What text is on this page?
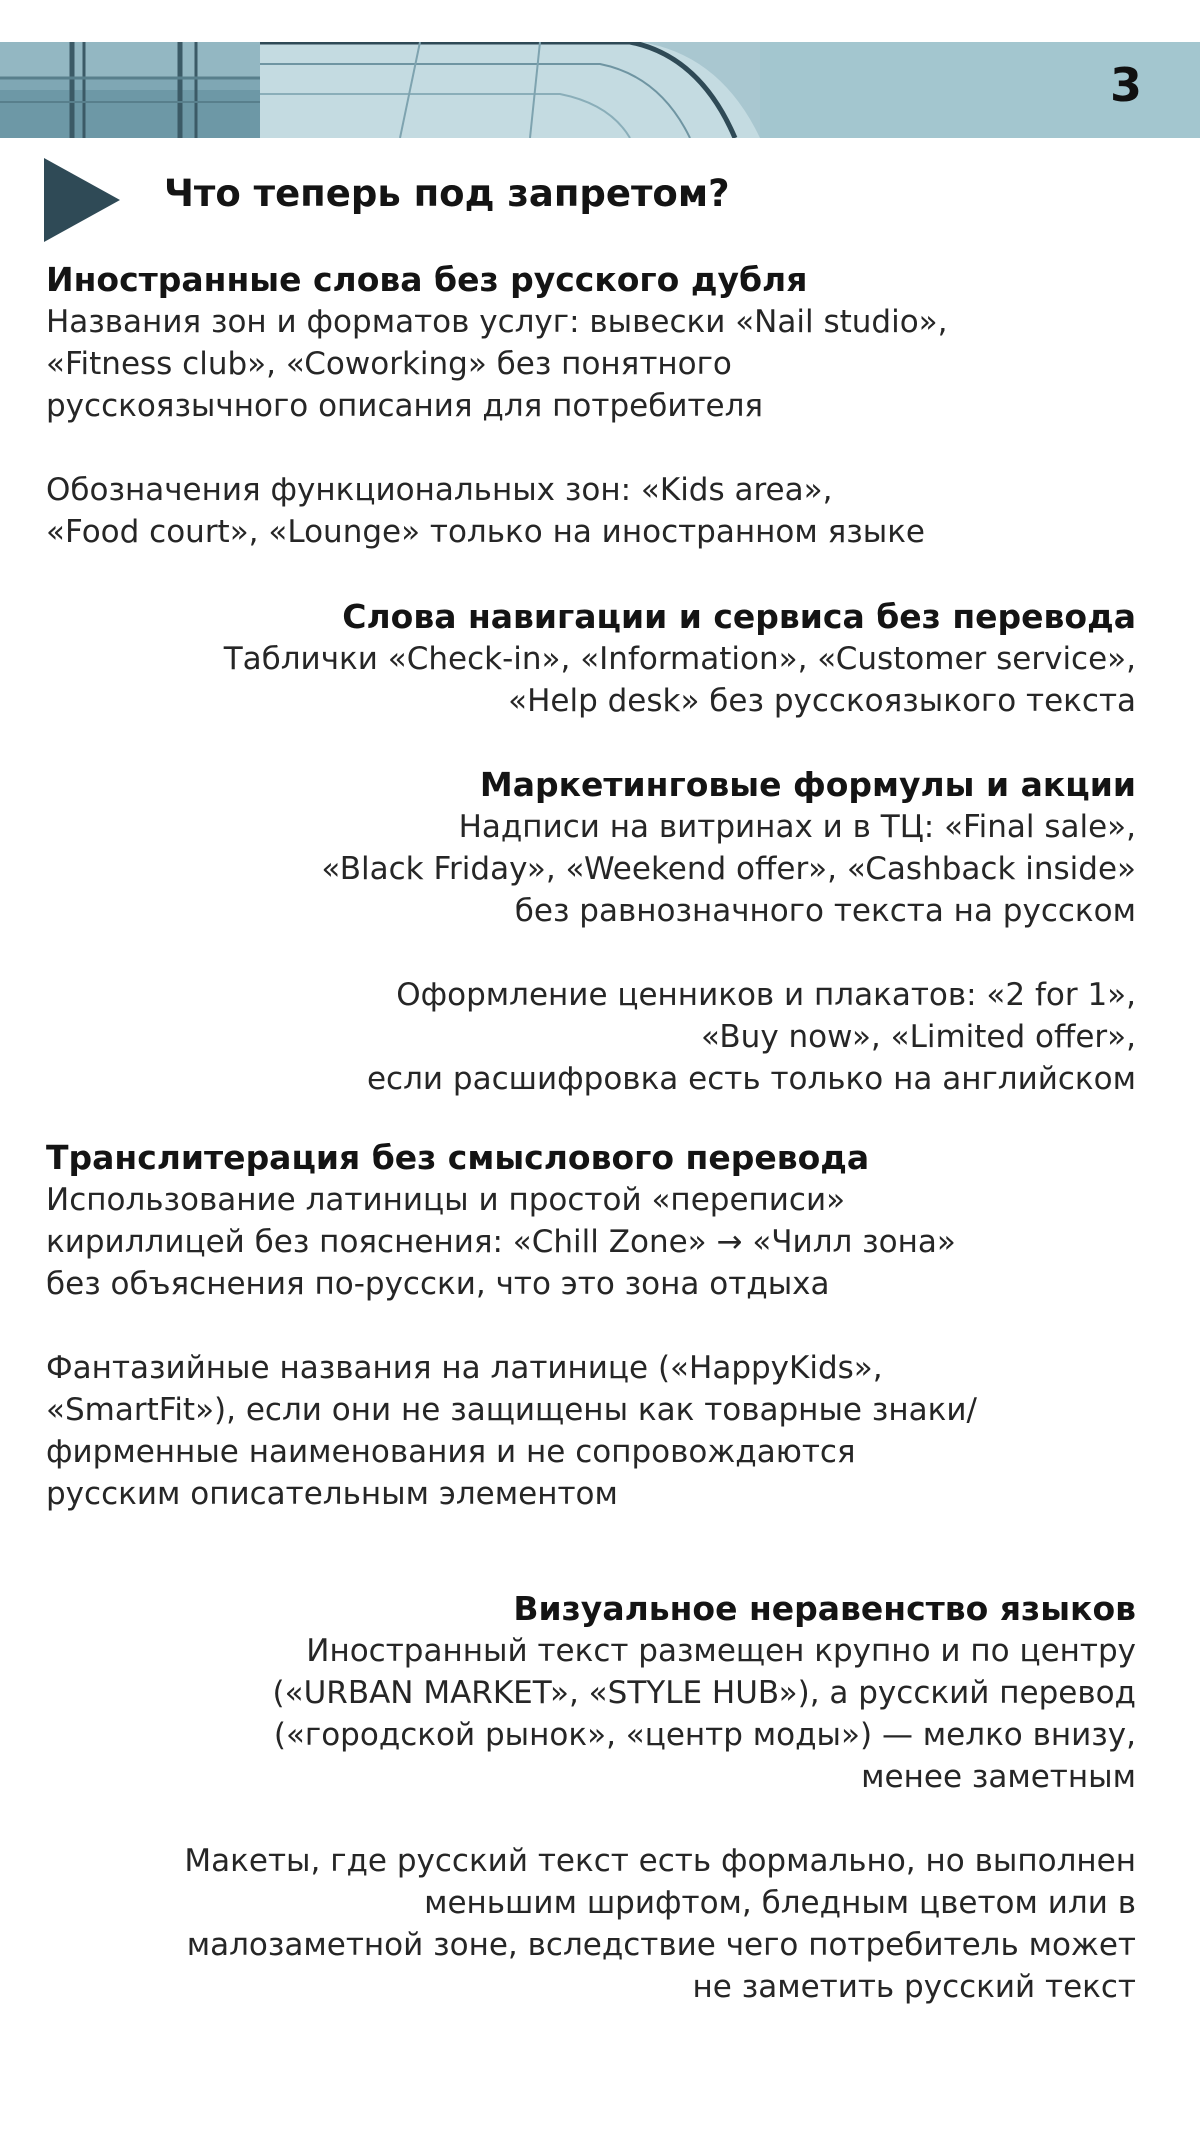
3
Что теперь под запретом?
Иностранные слова без русского дубля
Названия зон и форматов услуг: вывески «Nail studio»,
«Fitness club», «Coworking» без понятного
русскоязычного описания для потребителя
Обозначения функциональных зон: «Kids area»,
«Food court», «Lounge» только на иностранном языке
Слова навигации и сервиса без перевода
Таблички «Check-in», «Information», «Customer service»,
«Help desk» без русскоязыкого текста
Маркетинговые формулы и акции
Надписи на витринах и в ТЦ: «Final sale»,
«Black Friday», «Weekend offer», «Cashback inside»
без равнозначного текста на русском
Оформление ценников и плакатов: «2 for 1»,
«Buy now», «Limited offer»,
если расшифровка есть только на английском
Транслитерация без смыслового перевода
Использование латиницы и простой «переписи»
кириллицей без пояснения: «Chill Zone» → «Чилл зона»
без объяснения по-русски, что это зона отдыха
Фантазийные названия на латинице («HappyKids»,
«SmartFit»), если они не защищены как товарные знаки/
фирменные наименования и не сопровождаются
русским описательным элементом
Визуальное неравенство языков
Иностранный текст размещен крупно и по центру
(«URBAN MARKET», «STYLE HUB»), а русский перевод
(«городской рынок», «центр моды») — мелко внизу,
менее заметным
Макеты, где русский текст есть формально, но выполнен
меньшим шрифтом, бледным цветом или в
малозаметной зоне, вследствие чего потребитель может
не заметить русский текст
